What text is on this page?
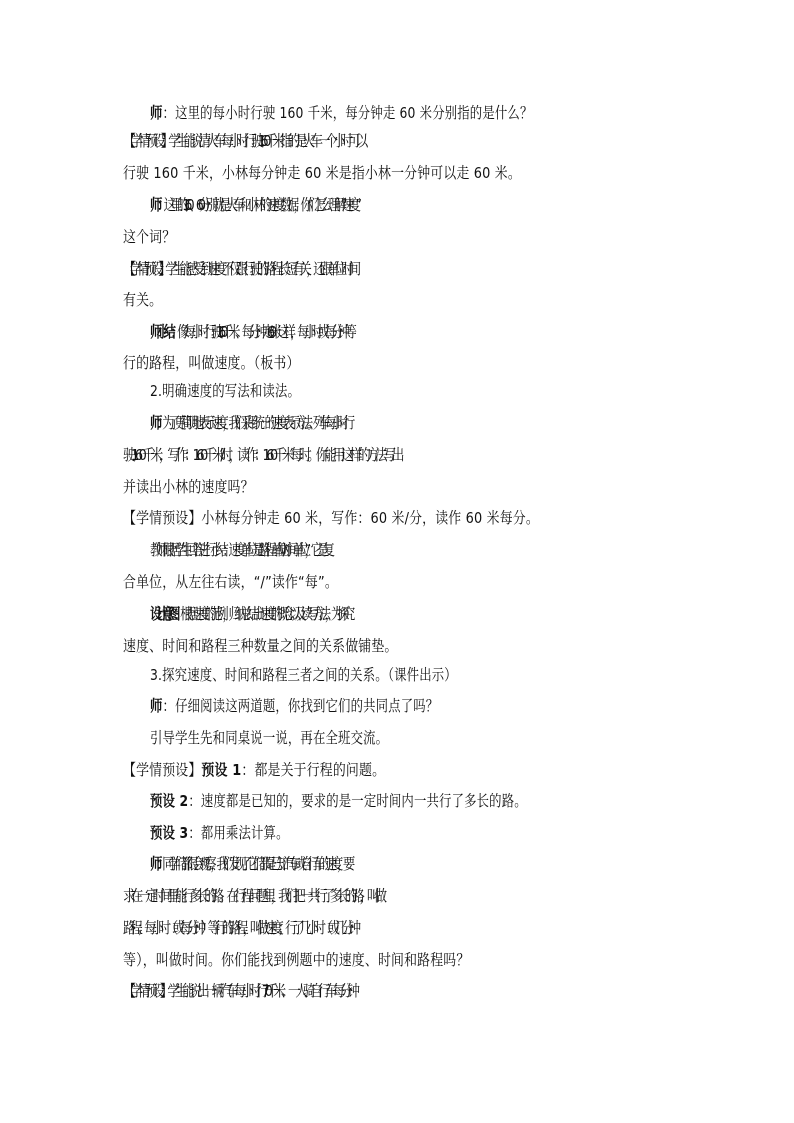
师：这里的每小时行驶 160 千米，每分钟走 60 米分别指的是什么？
【学情预设】学生能说清火车每小时行驶 160 千米指的是火车一个小时可以
行驶 160 千米，小林每分钟走 60 米是指小林一分钟可以走 60 米。
师：这里的 160、60 分别就是火车和小林的速度数据，你们怎么理解“速度”
这个词？
【学情预设】学生能感受到速度不仅跟行驶的路程长短有关，还跟单位时间
有关。
师小结：像每小时行驶 160 千米、每分钟走 60 米这样，每小时或每分钟等
行的路程，叫做速度。（板书）
2.明确速度的写法和读法。
师：为了更简明地表示速度，我们采用统一的速度表示方法。列车每小时行
驶 160 千米，写作：160 千米/时，读作：160 千米每时。你能用这样的方法写出
并读出小林的速度吗？
【学情预设】小林每分钟走 60 米，写作：60 米/分，读作 60 米每分。
教师根据学生回答进行小结：速度单位是“路程单位/时间单位”，它是复
合单位，从左往右读，“/”读作“每”。
设计意图：根据速度的范例，归纳总结出速度的概念以及读写方法，为探究
速度、时间和路程三种数量之间的关系做铺垫。
3.探究速度、时间和路程三者之间的关系。（课件出示）
师：仔细阅读这两道题，你找到它们的共同点了吗？
引导学生先和同桌说一说，再在全班交流。
【学情预设】预设 1：都是关于行程的问题。
预设 2：速度都是已知的，要求的是一定时间内一共行了多长的路。
预设 3：都用乘法计算。
师：同学们都很会观察，我们发现了它们都是已知汽车或自行车的速度，要
求在一定时间里能行多长的路。在行程问题里，我们把一共行了多长的路，叫做
路程；每小时（或每分钟）等行的路程，叫做速度；行了几小时（或几分钟
等），叫做时间。你们能找到例题中的速度、时间和路程吗？
【学情预设】学生能说出一辆汽车每小时行 70 千米、一人骑自行车每分钟
